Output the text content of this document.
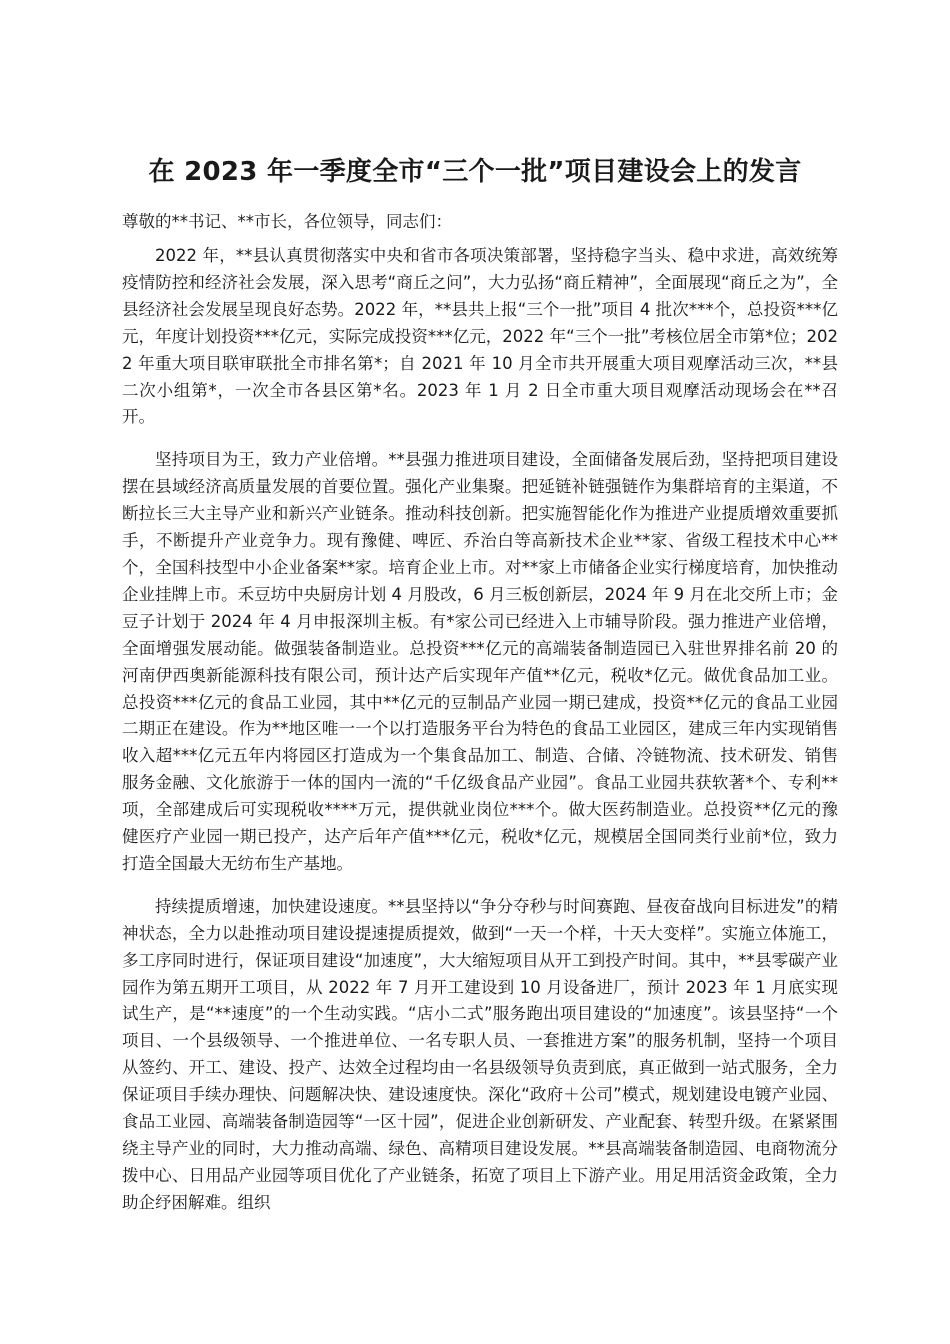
在 2023 年一季度全市“三个一批”项目建设会上的发言

尊敬的**书记、**市长，各位领导，同志们：

2022 年，**县认真贯彻落实中央和省市各项决策部署，坚持稳字当头、稳中求进，高效统筹疫情防控和经济社会发展，深入思考“商丘之问”，大力弘扬“商丘精神”，全面展现“商丘之为”，全县经济社会发展呈现良好态势。2022 年，**县共上报“三个一批”项目 4 批次***个，总投资***亿元，年度计划投资***亿元，实际完成投资***亿元，2022 年“三个一批”考核位居全市第*位；2022 年重大项目联审联批全市排名第*；自 2021 年 10 月全市共开展重大项目观摩活动三次，**县二次小组第*，一次全市各县区第*名。2023 年 1 月 2 日全市重大项目观摩活动现场会在**召开。

坚持项目为王，致力产业倍增。**县强力推进项目建设，全面储备发展后劲，坚持把项目建设摆在县域经济高质量发展的首要位置。强化产业集聚。把延链补链强链作为集群培育的主渠道，不断拉长三大主导产业和新兴产业链条。推动科技创新。把实施智能化作为推进产业提质增效重要抓手，不断提升产业竞争力。现有豫健、啤匠、乔治白等高新技术企业**家、省级工程技术中心**个，全国科技型中小企业备案**家。培育企业上市。对**家上市储备企业实行梯度培育，加快推动企业挂牌上市。禾豆坊中央厨房计划 4 月股改，6 月三板创新层，2024 年 9 月在北交所上市；金豆子计划于 2024 年 4 月申报深圳主板。有*家公司已经进入上市辅导阶段。强力推进产业倍增，全面增强发展动能。做强装备制造业。总投资***亿元的高端装备制造园已入驻世界排名前 20 的河南伊西奥新能源科技有限公司，预计达产后实现年产值**亿元，税收*亿元。做优食品加工业。总投资***亿元的食品工业园，其中**亿元的豆制品产业园一期已建成，投资**亿元的食品工业园二期正在建设。作为**地区唯一一个以打造服务平台为特色的食品工业园区，建成三年内实现销售收入超***亿元五年内将园区打造成为一个集食品加工、制造、合储、冷链物流、技术研发、销售服务金融、文化旅游于一体的国内一流的“千亿级食品产业园”。食品工业园共获软著*个、专利**项，全部建成后可实现税收****万元，提供就业岗位***个。做大医药制造业。总投资**亿元的豫健医疗产业园一期已投产，达产后年产值***亿元，税收*亿元，规模居全国同类行业前*位，致力打造全国最大无纺布生产基地。

持续提质增速，加快建设速度。**县坚持以“争分夺秒与时间赛跑、昼夜奋战向目标进发”的精神状态，全力以赴推动项目建设提速提质提效，做到“一天一个样，十天大变样”。实施立体施工，多工序同时进行，保证项目建设“加速度”，大大缩短项目从开工到投产时间。其中，**县零碳产业园作为第五期开工项目，从 2022 年 7 月开工建设到 10 月设备进厂，预计 2023 年 1 月底实现试生产，是“**速度”的一个生动实践。“店小二式”服务跑出项目建设的“加速度”。该县坚持“一个项目、一个县级领导、一个推进单位、一名专职人员、一套推进方案”的服务机制，坚持一个项目从签约、开工、建设、投产、达效全过程均由一名县级领导负责到底，真正做到一站式服务，全力保证项目手续办理快、问题解决快、建设速度快。深化“政府＋公司”模式，规划建设电镀产业园、食品工业园、高端装备制造园等“一区十园”，促进企业创新研发、产业配套、转型升级。在紧紧围绕主导产业的同时，大力推动高端、绿色、高精项目建设发展。**县高端装备制造园、电商物流分拨中心、日用品产业园等项目优化了产业链条，拓宽了项目上下游产业。用足用活资金政策，全力助企纾困解难。组织
